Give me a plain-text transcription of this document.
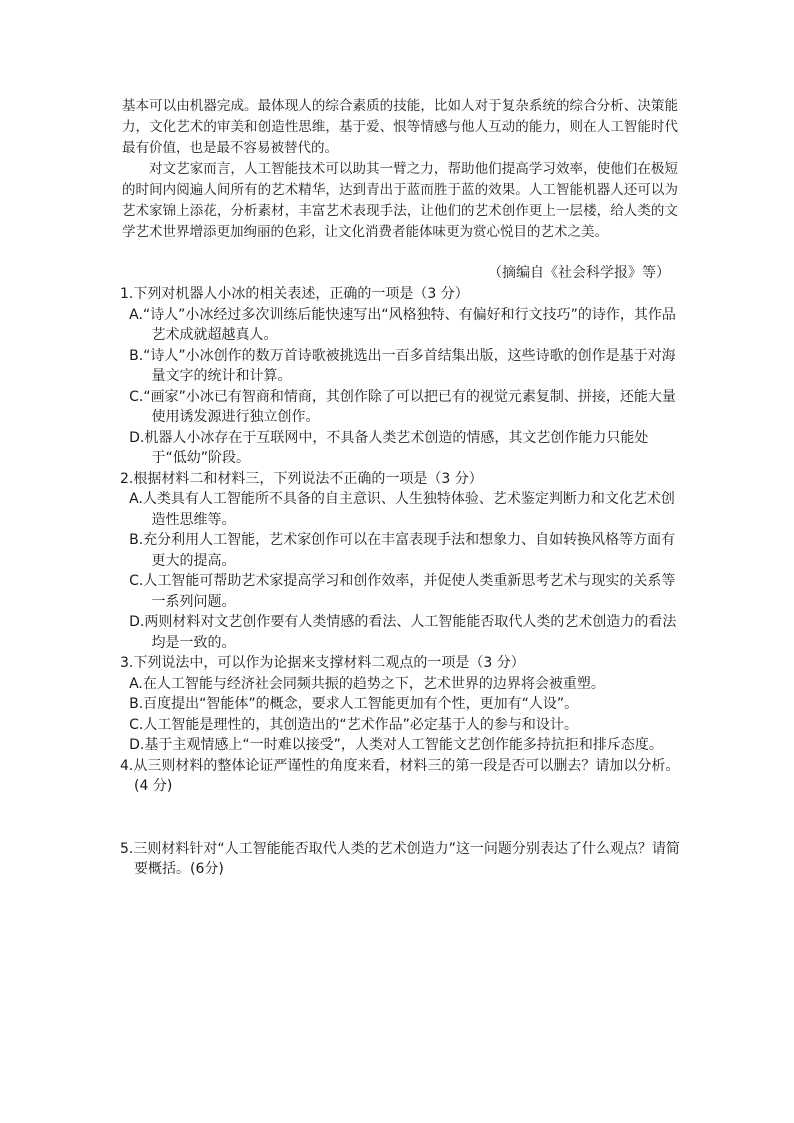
基本可以由机器完成。最体现人的综合素质的技能，比如人对于复杂系统的综合分析、决策能力，文化艺术的审美和创造性思维，基于爱、恨等情感与他人互动的能力，则在人工智能时代最有价值，也是最不容易被替代的。

对文艺家而言，人工智能技术可以助其一臂之力，帮助他们提高学习效率，使他们在极短的时间内阅遍人间所有的艺术精华，达到青出于蓝而胜于蓝的效果。人工智能机器人还可以为艺术家锦上添花，分析素材，丰富艺术表现手法，让他们的艺术创作更上一层楼，给人类的文学艺术世界增添更加绚丽的色彩，让文化消费者能体味更为赏心悦目的艺术之美。

（摘编自《社会科学报》等）
1.下列对机器人小冰的相关表述，正确的一项是（3 分）
A.“诗人”小冰经过多次训练后能快速写出“风格独特、有偏好和行文技巧”的诗作，其作品艺术成就超越真人。
B.“诗人”小冰创作的数万首诗歌被挑选出一百多首结集出版，这些诗歌的创作是基于对海量文字的统计和计算。
C.“画家”小冰已有智商和情商，其创作除了可以把已有的视觉元素复制、拼接，还能大量使用诱发源进行独立创作。
D.机器人小冰存在于互联网中，不具备人类艺术创造的情感，其文艺创作能力只能处于“低幼”阶段。
2.根据材料二和材料三，下列说法不正确的一项是（3 分）
A.人类具有人工智能所不具备的自主意识、人生独特体验、艺术鉴定判断力和文化艺术创造性思维等。
B.充分利用人工智能，艺术家创作可以在丰富表现手法和想象力、自如转换风格等方面有更大的提高。
C.人工智能可帮助艺术家提高学习和创作效率，并促使人类重新思考艺术与现实的关系等一系列问题。
D.两则材料对文艺创作要有人类情感的看法、人工智能能否取代人类的艺术创造力的看法均是一致的。
3.下列说法中，可以作为论据来支撑材料二观点的一项是（3 分）
A.在人工智能与经济社会同频共振的趋势之下，艺术世界的边界将会被重塑。
B.百度提出“智能体”的概念，要求人工智能更加有个性，更加有“人设”。
C.人工智能是理性的，其创造出的“艺术作品”必定基于人的参与和设计。
D.基于主观情感上“一时难以接受”，人类对人工智能文艺创作能多持抗拒和排斥态度。
4.从三则材料的整体论证严谨性的角度来看，材料三的第一段是否可以删去？请加以分析。(4 分)
5.三则材料针对“人工智能能否取代人类的艺术创造力”这一问题分别表达了什么观点？请简要概括。(6分)
